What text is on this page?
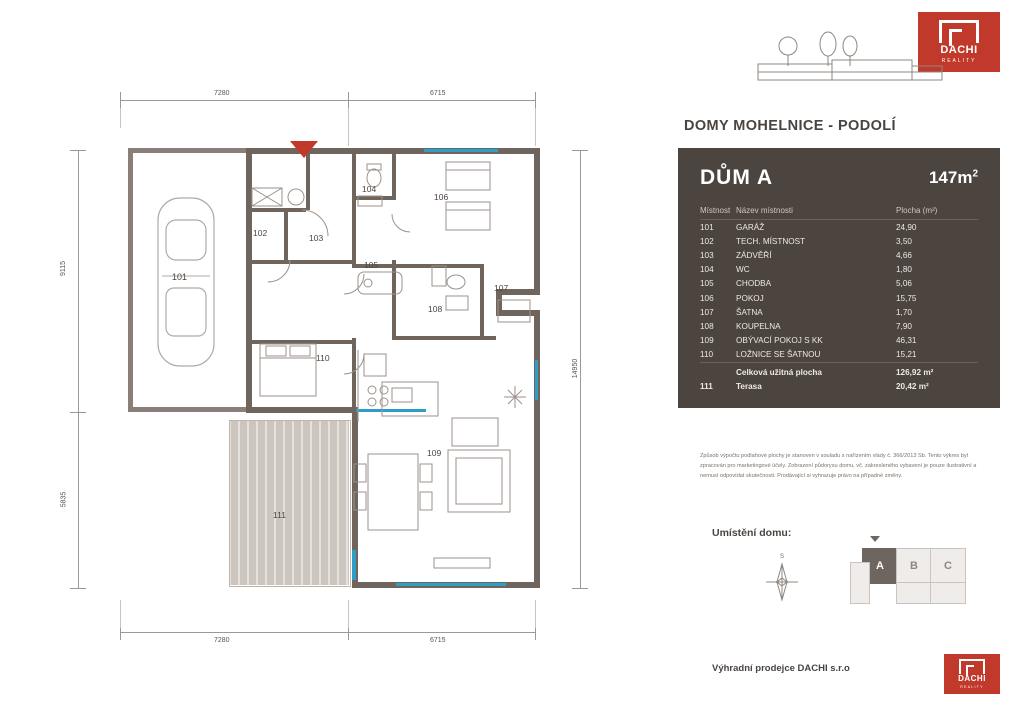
7280	6715
7280	6715
9115
5835
14950
101
102	103
104
105
106
107
108
109
110
111
DACHI
REALITY
DOMY MOHELNICE - PODOLÍ
DŮM A	$147m^2$
Místnost	Název místnosti	Plocha (m²)
101	GARÁŽ	24,90
102	TECH. MÍSTNOST	3,50
103	ZÁDVĚŘÍ	4,66
104	WC	1,80
105	CHODBA	5,06
106	POKOJ	15,75
107	ŠATNA	1,70
108	KOUPELNA	7,90
109	OBÝVACÍ POKOJ S KK	46,31
110	LOŽNICE SE ŠATNOU	15,21
	Celková užitná plocha	126,92 m²
111	Terasa	20,42 m²
Způsob výpočtu podlahové plochy je stanoven v souladu s nařízením vlády č. 366/2013 Sb. Tento výkres byl zpracován pro marketingové účely. Zobrazení půdorysu domu, vč. zakresleného vybavení je pouze ilustrativní a nemusí odpovídat skutečnosti. Prodávající si vyhrazuje právo na případné změny.
Umístění domu:
S
A	B	C
Výhradní prodejce DACHI s.r.o
DACHI
REALITY
